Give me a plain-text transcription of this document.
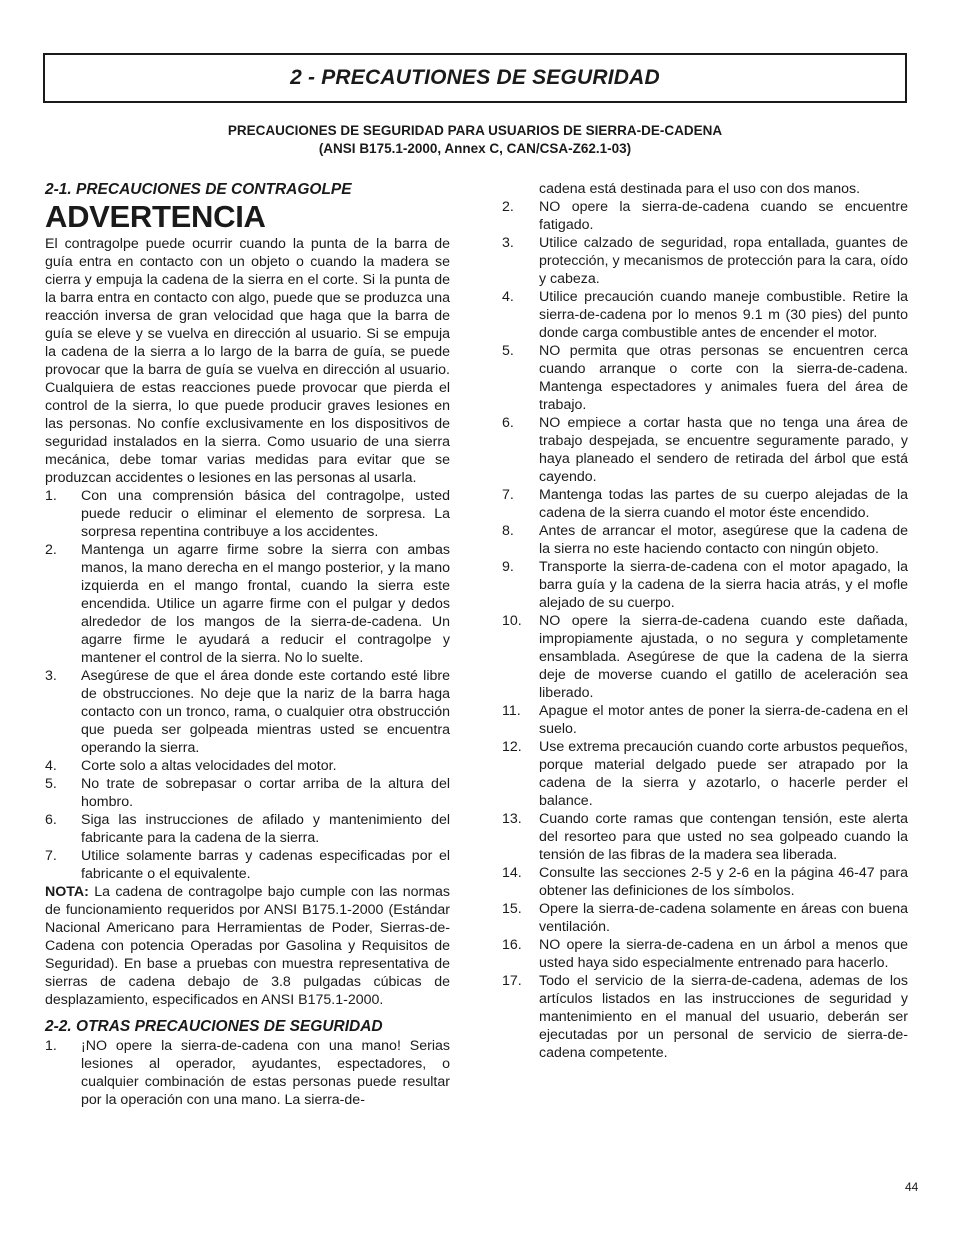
2 - PRECAUTIONES DE SEGURIDAD
PRECAUCIONES DE SEGURIDAD PARA USUARIOS DE SIERRA-DE-CADENA
(ANSI B175.1-2000, Annex C, CAN/CSA-Z62.1-03)
2-1. PRECAUCIONES DE CONTRAGOLPE
ADVERTENCIA

El contragolpe puede ocurrir cuando la punta de la barra de guía entra en contacto con un objeto o cuando la madera se cierra y empuja la cadena de la sierra en el corte. Si la punta de la barra entra en contacto con algo, puede que se produzca una reacción inversa de gran velocidad que haga que la barra de guía se eleve y se vuelva en dirección al usuario. Si se empuja la cadena de la sierra a lo largo de la barra de guía, se puede provocar que la barra de guía se vuelva en dirección al usuario. Cualquiera de estas reacciones puede provocar que pierda el control de la sierra, lo que puede producir graves lesiones en las personas. No confíe exclusivamente en los dispositivos de seguridad instalados en la sierra. Como usuario de una sierra mecánica, debe tomar varias medidas para evitar que se produzcan accidentes o lesiones en las personas al usarla.

1.	Con una comprensión básica del contragolpe, usted puede reducir o eliminar el elemento de sorpresa. La sorpresa repentina contribuye a los accidentes.
2.	Mantenga un agarre firme sobre la sierra con ambas manos, la mano derecha en el mango posterior, y la mano izquierda en el mango frontal, cuando la sierra este encendida. Utilice un agarre firme con el pulgar y dedos alrededor de los mangos de la sierra-de-cadena. Un agarre firme le ayudará a reducir el contragolpe y mantener el control de la sierra. No lo suelte.
3.	Asegúrese de que el área donde este cortando esté libre de obstrucciones. No deje que la nariz de la barra haga contacto con un tronco, rama, o cualquier otra obstrucción que pueda ser golpeada mientras usted se encuentra operando la sierra.
4.	Corte solo a altas velocidades del motor.
5.	No trate de sobrepasar o cortar arriba de la altura del hombro.
6.	Siga las instrucciones de afilado y mantenimiento del fabricante para la cadena de la sierra.
7.	Utilice solamente barras y cadenas especificadas por el fabricante o el equivalente.

NOTA: La cadena de contragolpe bajo cumple con las normas de funcionamiento requeridos por ANSI B175.1-2000 (Estándar Nacional Americano para Herramientas de Poder, Sierras-de-Cadena con potencia Operadas por Gasolina y Requisitos de Seguridad). En base a pruebas con muestra representativa de sierras de cadena debajo de 3.8 pulgadas cúbicas de desplazamiento, especificados en ANSI B175.1-2000.

2-2. OTRAS PRECAUCIONES DE SEGURIDAD
1.	¡NO opere la sierra-de-cadena con una mano! Serias lesiones al operador, ayudantes, espectadores, o cualquier combinación de estas personas puede resultar por la operación con una mano. La sierra-de-
cadena está destinada para el uso con dos manos.
2.	NO opere la sierra-de-cadena cuando se encuentre fatigado.
3.	Utilice calzado de seguridad, ropa entallada, guantes de protección, y mecanismos de protección para la cara, oído y cabeza.
4.	Utilice precaución cuando maneje combustible. Retire la sierra-de-cadena por lo menos 9.1 m (30 pies) del punto donde carga combustible antes de encender el motor.
5.	NO permita que otras personas se encuentren cerca cuando arranque o corte con la sierra-de-cadena. Mantenga espectadores y animales fuera del área de trabajo.
6.	NO empiece a cortar hasta que no tenga una área de trabajo despejada, se encuentre seguramente parado, y haya planeado el sendero de retirada del árbol que está cayendo.
7.	Mantenga todas las partes de su cuerpo alejadas de la cadena de la sierra cuando el motor éste encendido.
8.	Antes de arrancar el motor, asegúrese que la cadena de la sierra no este haciendo contacto con ningún objeto.
9.	Transporte la sierra-de-cadena con el motor apagado, la barra guía y la cadena de la sierra hacia atrás, y el mofle alejado de su cuerpo.
10.	NO opere la sierra-de-cadena cuando este dañada, impropiamente ajustada, o no segura y completamente ensamblada. Asegúrese de que la cadena de la sierra deje de moverse cuando el gatillo de aceleración sea liberado.
11.	Apague el motor antes de poner la sierra-de-cadena en el suelo.
12.	Use extrema precaución cuando corte arbustos pequeños, porque material delgado puede ser atrapado por la cadena de la sierra y azotarlo, o hacerle perder el balance.
13.	Cuando corte ramas que contengan tensión, este alerta del resorteo para que usted no sea golpeado cuando la tensión de las fibras de la madera sea liberada.
14.	Consulte las secciones 2-5 y 2-6 en la página 46-47 para obtener las definiciones de los símbolos.
15.	Opere la sierra-de-cadena solamente en áreas con buena ventilación.
16.	NO opere la sierra-de-cadena en un árbol a menos que usted haya sido especialmente entrenado para hacerlo.
17.	Todo el servicio de la sierra-de-cadena, ademas de los artículos listados en las instrucciones de seguridad y mantenimiento en el manual del usuario, deberán ser ejecutadas por un personal de servicio de sierra-de-cadena competente.
44
